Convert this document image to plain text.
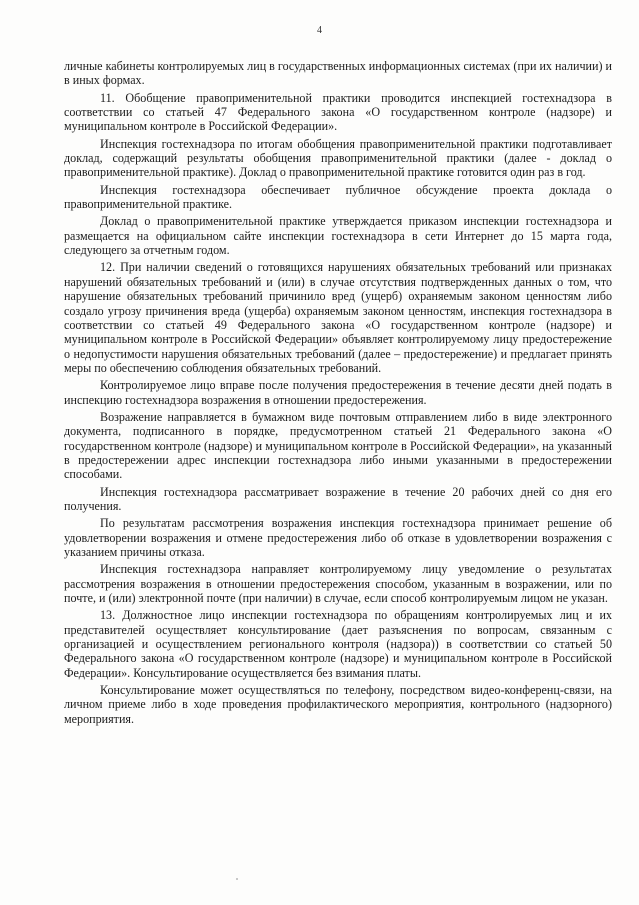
4

личные кабинеты контролируемых лиц в государственных информационных системах (при их наличии) и в иных формах.

11. Обобщение правоприменительной практики проводится инспекцией гостехнадзора в соответствии со статьей 47 Федерального закона «О государственном контроле (надзоре) и муниципальном контроле в Российской Федерации».

Инспекция гостехнадзора по итогам обобщения правоприменительной практики подготавливает доклад, содержащий результаты обобщения правоприменительной практики (далее - доклад о правоприменительной практике). Доклад о правоприменительной практике готовится один раз в год.

Инспекция гостехнадзора обеспечивает публичное обсуждение проекта доклада о правоприменительной практике.

Доклад о правоприменительной практике утверждается приказом инспекции гостехнадзора и размещается на официальном сайте инспекции гостехнадзора в сети Интернет до 15 марта года, следующего за отчетным годом.

12. При наличии сведений о готовящихся нарушениях обязательных требований или признаках нарушений обязательных требований и (или) в случае отсутствия подтвержденных данных о том, что нарушение обязательных требований причинило вред (ущерб) охраняемым законом ценностям либо создало угрозу причинения вреда (ущерба) охраняемым законом ценностям, инспекция гостехнадзора в соответствии со статьей 49 Федерального закона «О государственном контроле (надзоре) и муниципальном контроле в Российской Федерации» объявляет контролируемому лицу предостережение о недопустимости нарушения обязательных требований (далее – предостережение) и предлагает принять меры по обеспечению соблюдения обязательных требований.

Контролируемое лицо вправе после получения предостережения в течение десяти дней подать в инспекцию гостехнадзора возражения в отношении предостережения.

Возражение направляется в бумажном виде почтовым отправлением либо в виде электронного документа, подписанного в порядке, предусмотренном статьей 21 Федерального закона «О государственном контроле (надзоре) и муниципальном контроле в Российской Федерации», на указанный в предостережении адрес инспекции гостехнадзора либо иными указанными в предостережении способами.

Инспекция гостехнадзора рассматривает возражение в течение 20 рабочих дней со дня его получения.

По результатам рассмотрения возражения инспекция гостехнадзора принимает решение об удовлетворении возражения и отмене предостережения либо об отказе в удовлетворении возражения с указанием причины отказа.

Инспекция гостехнадзора направляет контролируемому лицу уведомление о результатах рассмотрения возражения в отношении предостережения способом, указанным в возражении, или по почте, и (или) электронной почте (при наличии) в случае, если способ контролируемым лицом не указан.

13. Должностное лицо инспекции гостехнадзора по обращениям контролируемых лиц и их представителей осуществляет консультирование (дает разъяснения по вопросам, связанным с организацией и осуществлением регионального контроля (надзора)) в соответствии со статьей 50 Федерального закона «О государственном контроле (надзоре) и муниципальном контроле в Российской Федерации». Консультирование осуществляется без взимания платы.

Консультирование может осуществляться по телефону, посредством видео-конференц-связи, на личном приеме либо в ходе проведения профилактического мероприятия, контрольного (надзорного) мероприятия.
